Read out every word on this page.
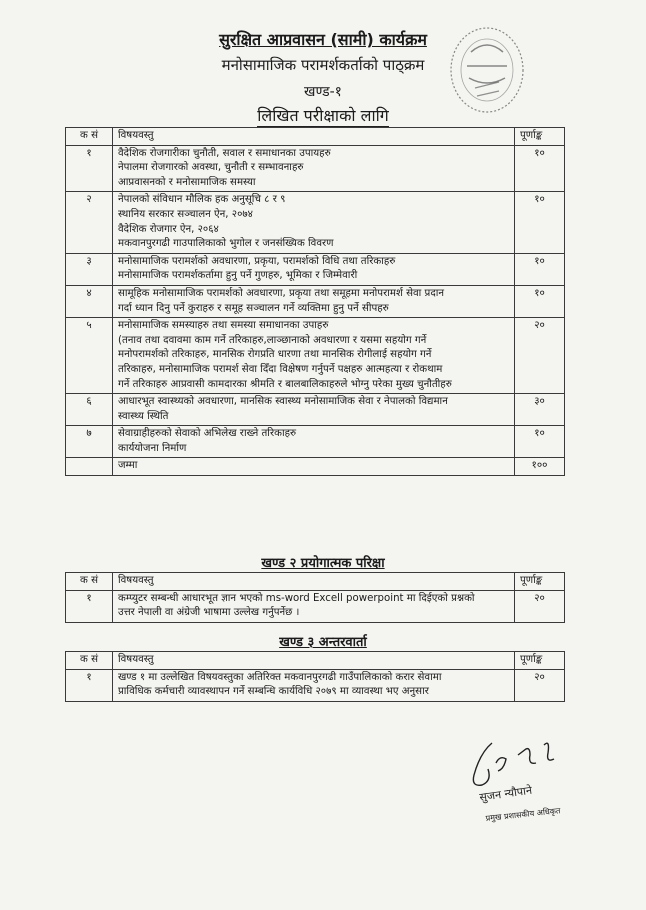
सुरक्षित आप्रवासन (सामी) कार्यक्रम
मनोसामाजिक परामर्शकर्ताको पाठ्क्रम
खण्ड-१
लिखित परीक्षाको लागि
क सं	विषयवस्तु	पूर्णाङ्क
१	वैदेशिक रोजगारीका चुनौती, सवाल र समाधानका उपायहरु
नेपालमा रोजगारको अवस्था, चुनौती र सम्भावनाहरु
आप्रवासनको र मनोसामाजिक समस्या	१०
२	नेपालको संविधान मौलिक हक अनुसूचि ८ र ९
स्थानिय सरकार सञ्चालन ऐन, २०७४
वैदेशिक रोजगार ऐन, २०६४
मकवानपुरगढी गाउपालिकाको भुगोल र जनसंख्यिक विवरण	१०
३	मनोसामाजिक परामर्शको अवधारणा, प्रकृया, परामर्शको विधि तथा तरिकाहरु
मनोसामाजिक परामर्शकर्तामा हुनु पर्ने गुणहरु, भूमिका र जिम्मेवारी	१०
४	सामूहिक मनोसामाजिक परामर्शको अवधारणा, प्रकृया तथा समूहमा मनोपरामर्श सेवा प्रदान
गर्दा ध्यान दिनु पर्ने कुराहरु र समूह सञ्चालन गर्ने व्यक्तिमा हुनु पर्ने सीपहरु	१०
५	मनोसामाजिक समस्याहरु तथा समस्या समाधानका उपाहरु
(तनाव तथा दवावमा काम गर्ने तरिकाहरु,लाञ्छानाको अवधारणा र यसमा सहयोग गर्ने
मनोपरामर्शको तरिकाहरु, मानसिक रोगप्रति धारणा तथा मानसिक रोगीलाई सहयोग गर्ने
तरिकाहरु, मनोसामाजिक परामर्श सेवा दिँदा विक्षेषण गर्नुपर्ने पक्षहरु आत्महत्या र रोकथाम
गर्ने तरिकाहरु आप्रवासी कामदारका श्रीमति र बालबालिकाहरुले भोग्नु परेका मुख्य चुनौतीहरु	२०
६	आधारभूत स्वास्थ्यको अवधारणा, मानसिक स्वास्थ्य मनोसामाजिक सेवा र नेपालको विद्यमान
स्वास्थ्य स्थिति	३०
७	सेवाग्राहीहरुको सेवाको अभिलेख राख्ने तरिकाहरु
कार्ययोजना निर्माण	१०
	जम्मा	१००
खण्ड २ प्रयोगात्मक परिक्षा
क सं	विषयवस्तु	पूर्णाङ्क
१	कम्प्युटर सम्बन्धी आधारभूत ज्ञान भएको ms-word Excell powerpoint मा दिईएको प्रश्नको
उत्तर नेपाली वा अंग्रेजी भाषामा उल्लेख गर्नुपर्नेछ ।	२०
खण्ड ३ अन्तरवार्ता
क सं	विषयवस्तु	पूर्णाङ्क
१	खण्ड १ मा उल्लेखित विषयवस्तुका अतिरिक्त मकवानपुरगढी गाउँपालिकाको करार सेवामा
प्राविधिक कर्मचारी व्यावस्थापन गर्ने सम्बन्धि कार्यविधि २०७९ मा व्यावस्था भए अनुसार	२०
सुजन न्यौपाने
प्रमुख प्रशासकीय अधिकृत
